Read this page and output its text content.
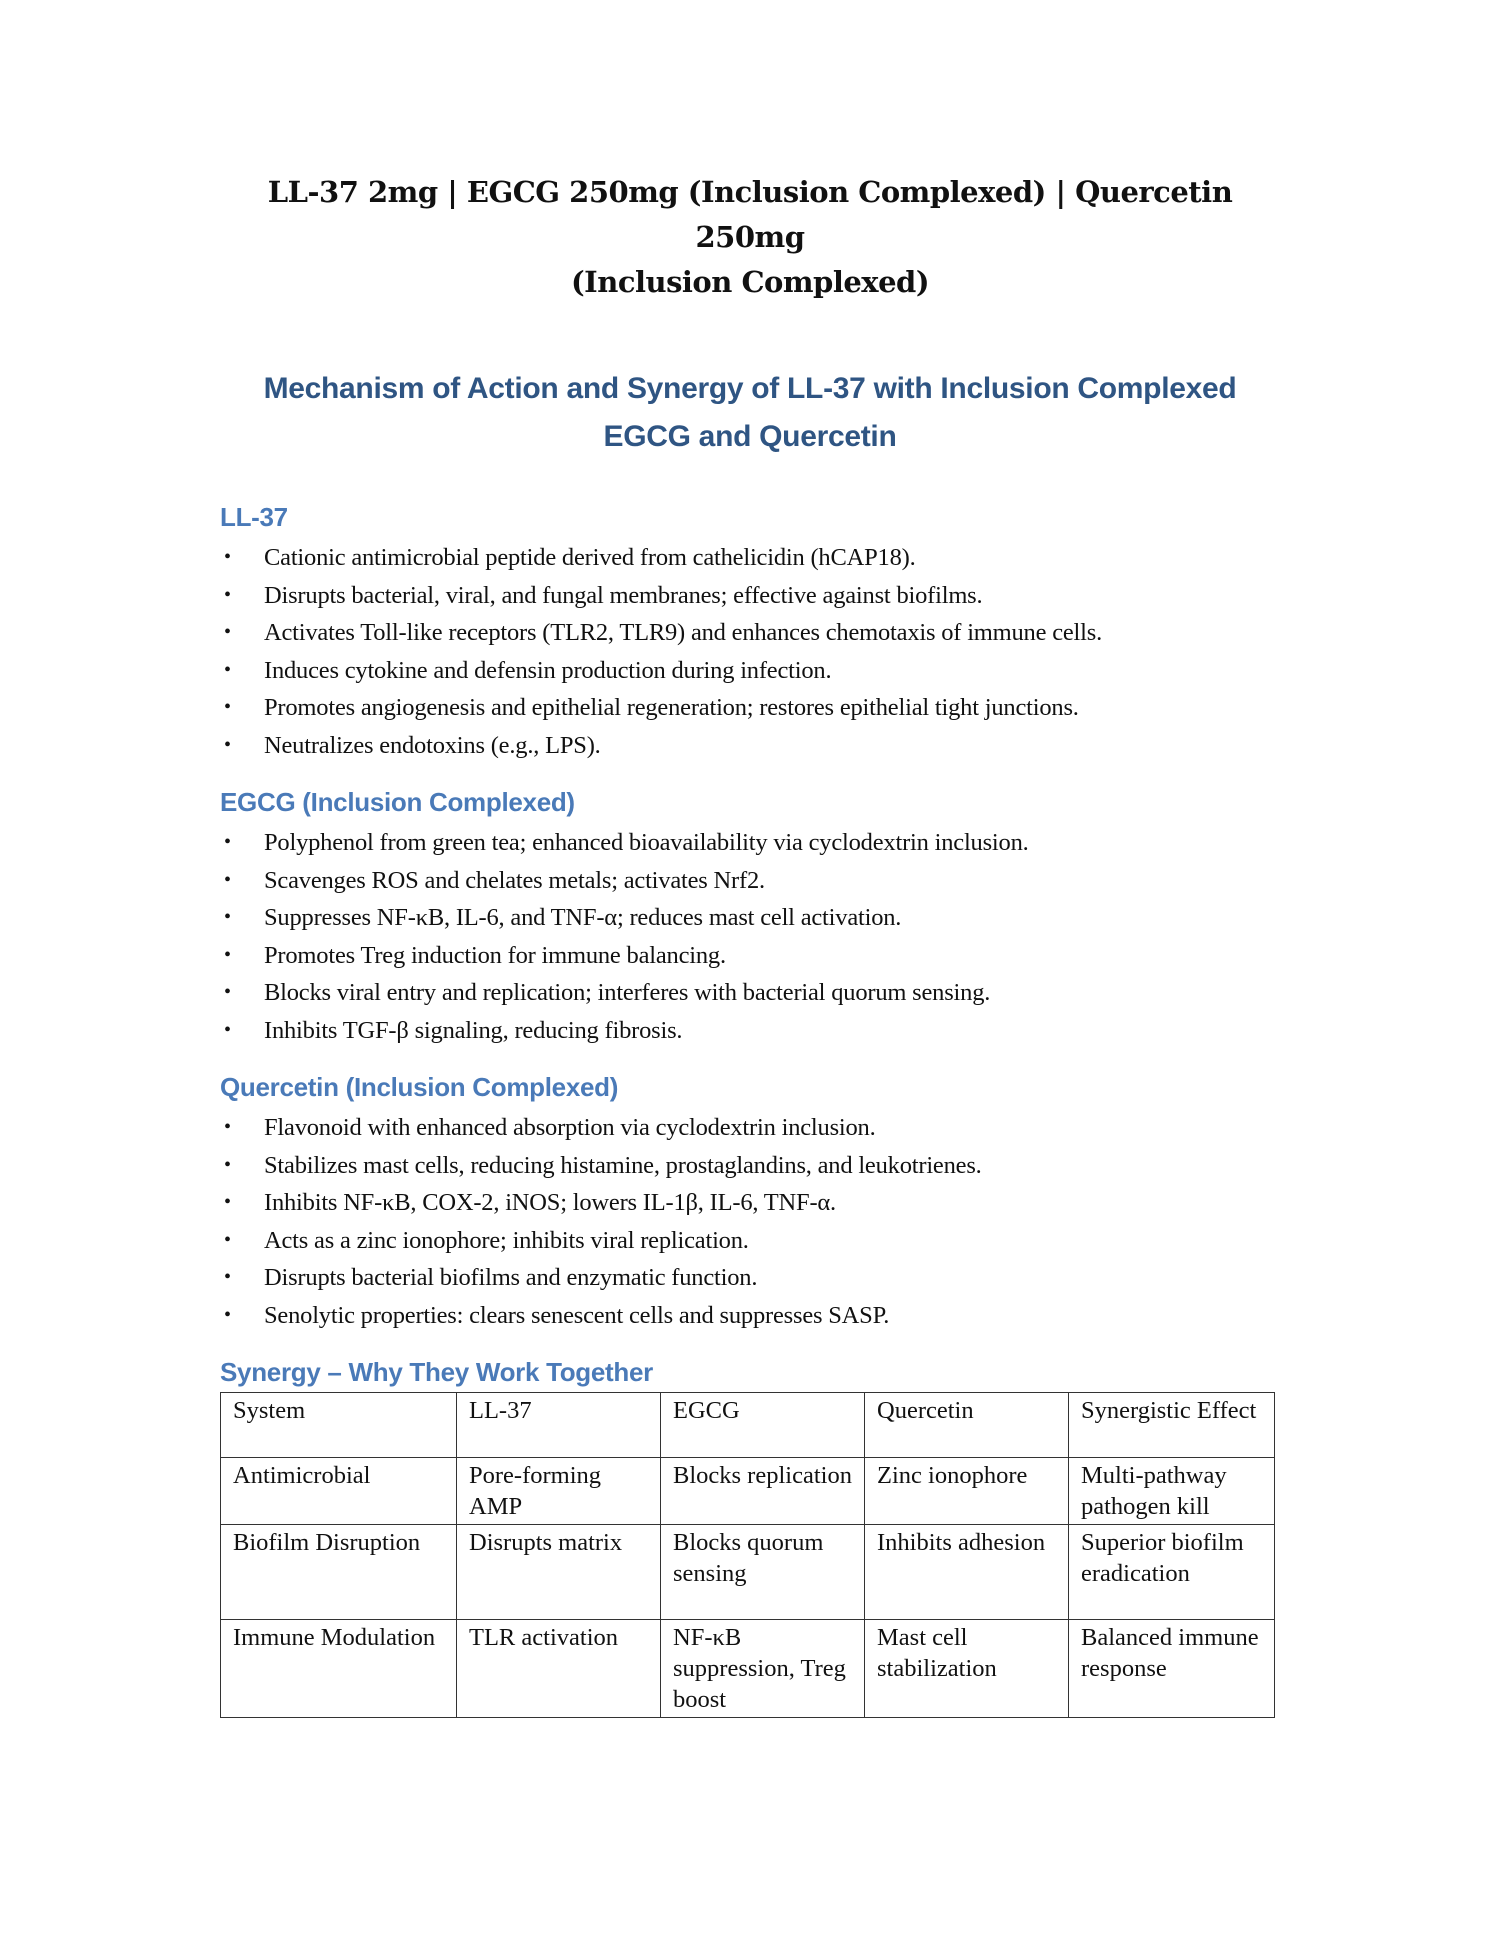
LL-37 2mg | EGCG 250mg (Inclusion Complexed) | Quercetin 250mg
(Inclusion Complexed)
Mechanism of Action and Synergy of LL-37 with Inclusion Complexed
EGCG and Quercetin
LL-37
• Cationic antimicrobial peptide derived from cathelicidin (hCAP18).
• Disrupts bacterial, viral, and fungal membranes; effective against biofilms.
• Activates Toll-like receptors (TLR2, TLR9) and enhances chemotaxis of immune cells.
• Induces cytokine and defensin production during infection.
• Promotes angiogenesis and epithelial regeneration; restores epithelial tight junctions.
• Neutralizes endotoxins (e.g., LPS).
EGCG (Inclusion Complexed)
• Polyphenol from green tea; enhanced bioavailability via cyclodextrin inclusion.
• Scavenges ROS and chelates metals; activates Nrf2.
• Suppresses NF-κB, IL-6, and TNF-α; reduces mast cell activation.
• Promotes Treg induction for immune balancing.
• Blocks viral entry and replication; interferes with bacterial quorum sensing.
• Inhibits TGF-β signaling, reducing fibrosis.
Quercetin (Inclusion Complexed)
• Flavonoid with enhanced absorption via cyclodextrin inclusion.
• Stabilizes mast cells, reducing histamine, prostaglandins, and leukotrienes.
• Inhibits NF-κB, COX-2, iNOS; lowers IL-1β, IL-6, TNF-α.
• Acts as a zinc ionophore; inhibits viral replication.
• Disrupts bacterial biofilms and enzymatic function.
• Senolytic properties: clears senescent cells and suppresses SASP.
Synergy – Why They Work Together
System	LL-37	EGCG	Quercetin	Synergistic Effect
Antimicrobial	Pore-forming AMP	Blocks replication	Zinc ionophore	Multi-pathway pathogen kill
Biofilm Disruption	Disrupts matrix	Blocks quorum sensing	Inhibits adhesion	Superior biofilm eradication
Immune Modulation	TLR activation	NF-κB suppression, Treg boost	Mast cell stabilization	Balanced immune response
